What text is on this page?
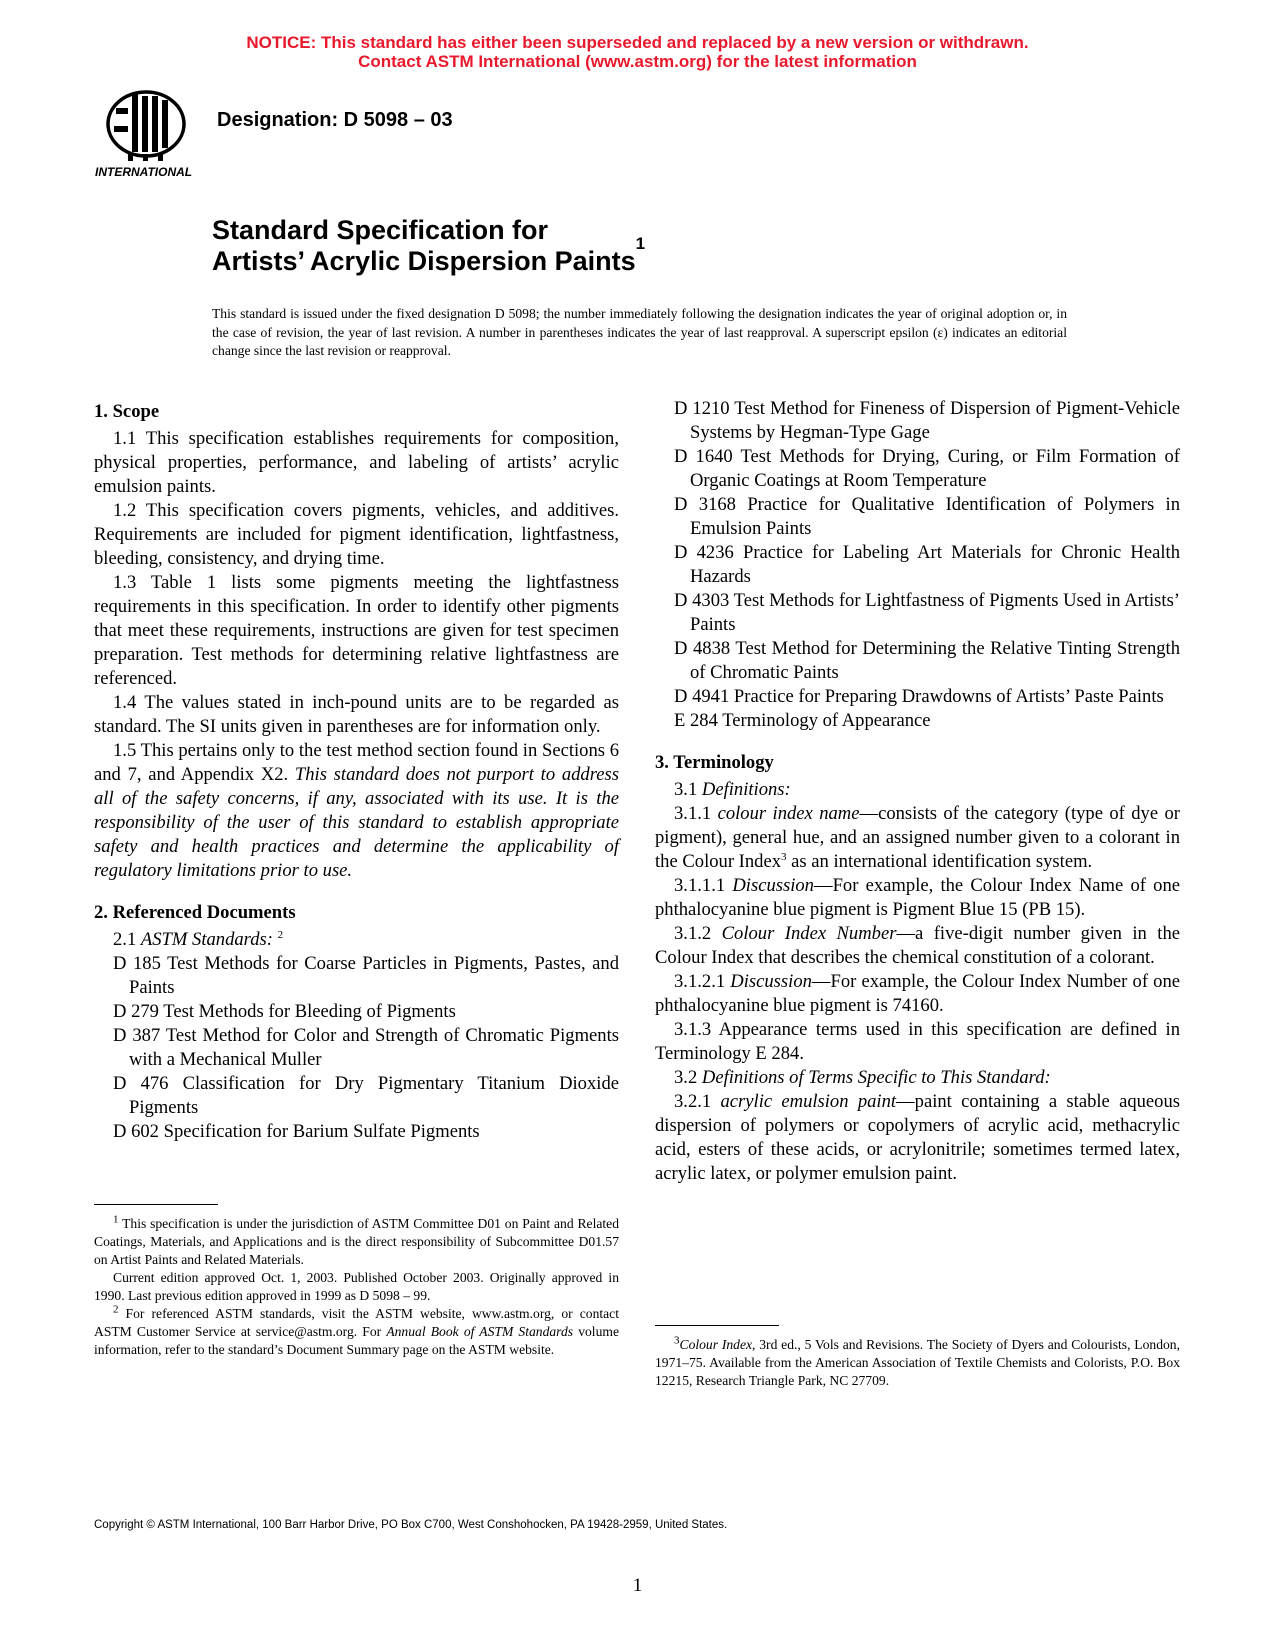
NOTICE: This standard has either been superseded and replaced by a new version or withdrawn.
Contact ASTM International (www.astm.org) for the latest information
INTERNATIONAL
Designation: D 5098 – 03
Standard Specification for
Artists’ Acrylic Dispersion Paints$^1$
This standard is issued under the fixed designation D 5098; the number immediately following the designation indicates the year of original adoption or, in the case of revision, the year of last revision. A number in parentheses indicates the year of last reapproval. A superscript epsilon (ε) indicates an editorial change since the last revision or reapproval.
1. Scope

1.1 This specification establishes requirements for composition, physical properties, performance, and labeling of artists’ acrylic emulsion paints.

1.2 This specification covers pigments, vehicles, and additives. Requirements are included for pigment identification, lightfastness, bleeding, consistency, and drying time.

1.3 Table 1 lists some pigments meeting the lightfastness requirements in this specification. In order to identify other pigments that meet these requirements, instructions are given for test specimen preparation. Test methods for determining relative lightfastness are referenced.

1.4 The values stated in inch-pound units are to be regarded as standard. The SI units given in parentheses are for information only.

1.5 This pertains only to the test method section found in Sections 6 and 7, and Appendix X2. This standard does not purport to address all of the safety concerns, if any, associated with its use. It is the responsibility of the user of this standard to establish appropriate safety and health practices and determine the applicability of regulatory limitations prior to use.

2. Referenced Documents

2.1 ASTM Standards: $^2$

D 185 Test Methods for Coarse Particles in Pigments, Pastes, and Paints

D 279 Test Methods for Bleeding of Pigments

D 387 Test Method for Color and Strength of Chromatic Pigments with a Mechanical Muller

D 476 Classification for Dry Pigmentary Titanium Dioxide Pigments

D 602 Specification for Barium Sulfate Pigments

D 1210 Test Method for Fineness of Dispersion of Pigment-Vehicle Systems by Hegman-Type Gage

D 1640 Test Methods for Drying, Curing, or Film Formation of Organic Coatings at Room Temperature

D 3168 Practice for Qualitative Identification of Polymers in Emulsion Paints

D 4236 Practice for Labeling Art Materials for Chronic Health Hazards

D 4303 Test Methods for Lightfastness of Pigments Used in Artists’ Paints

D 4838 Test Method for Determining the Relative Tinting Strength of Chromatic Paints

D 4941 Practice for Preparing Drawdowns of Artists’ Paste Paints

E 284 Terminology of Appearance

3. Terminology

3.1 Definitions:

3.1.1 colour index name—consists of the category (type of dye or pigment), general hue, and an assigned number given to a colorant in the Colour Index$^3$ as an international identification system.

3.1.1.1 Discussion—For example, the Colour Index Name of one phthalocyanine blue pigment is Pigment Blue 15 (PB 15).

3.1.2 Colour Index Number—a five-digit number given in the Colour Index that describes the chemical constitution of a colorant.

3.1.2.1 Discussion—For example, the Colour Index Number of one phthalocyanine blue pigment is 74160.

3.1.3 Appearance terms used in this specification are defined in Terminology E 284.

3.2 Definitions of Terms Specific to This Standard:

3.2.1 acrylic emulsion paint—paint containing a stable aqueous dispersion of polymers or copolymers of acrylic acid, methacrylic acid, esters of these acids, or acrylonitrile; sometimes termed latex, acrylic latex, or polymer emulsion paint.

$^1$ This specification is under the jurisdiction of ASTM Committee D01 on Paint and Related Coatings, Materials, and Applications and is the direct responsibility of Subcommittee D01.57 on Artist Paints and Related Materials.

Current edition approved Oct. 1, 2003. Published October 2003. Originally approved in 1990. Last previous edition approved in 1999 as D 5098 – 99.

$^2$ For referenced ASTM standards, visit the ASTM website, www.astm.org, or contact ASTM Customer Service at service@astm.org. For Annual Book of ASTM Standards volume information, refer to the standard’s Document Summary page on the ASTM website.

$^3$Colour Index, 3rd ed., 5 Vols and Revisions. The Society of Dyers and Colourists, London, 1971–75. Available from the American Association of Textile Chemists and Colorists, P.O. Box 12215, Research Triangle Park, NC 27709.

Copyright © ASTM International, 100 Barr Harbor Drive, PO Box C700, West Conshohocken, PA 19428-2959, United States.
1
